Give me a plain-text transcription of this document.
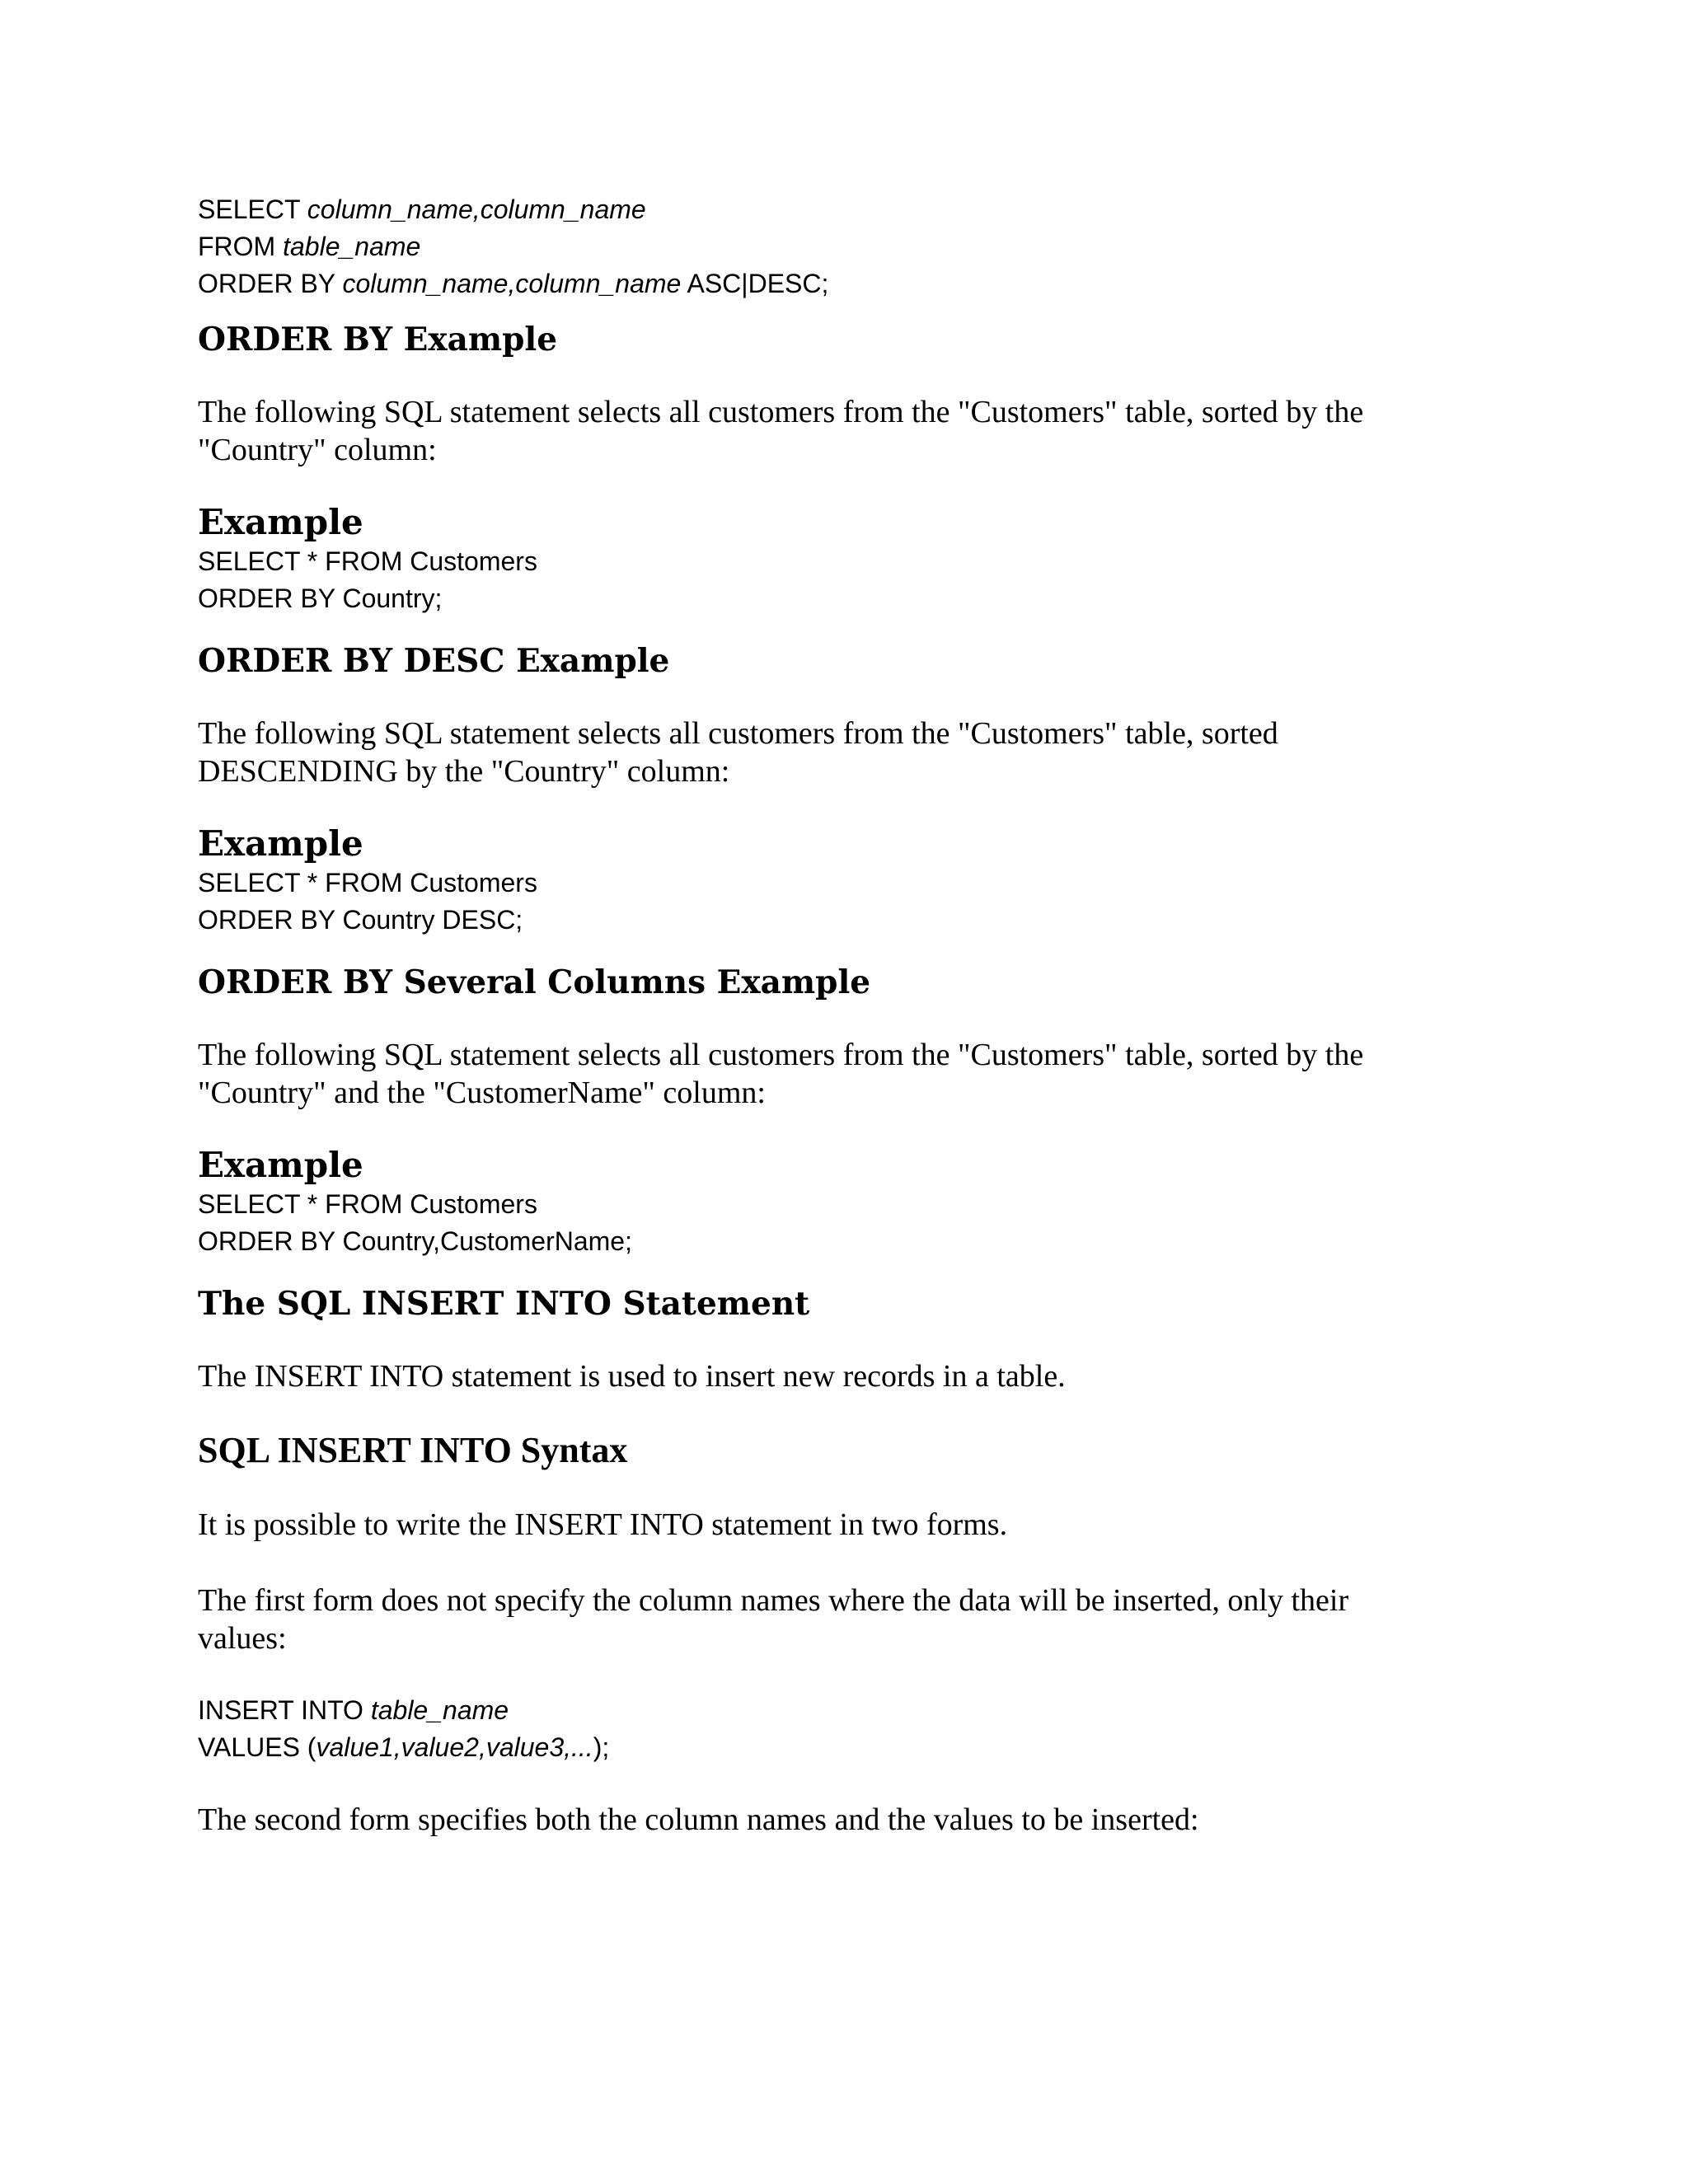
SELECT column_name,column_name

FROM table_name

ORDER BY column_name,column_name ASC|DESC;

ORDER BY Example

The following SQL statement selects all customers from the "Customers" table, sorted by the

"Country" column:

Example

SELECT * FROM Customers

ORDER BY Country;

ORDER BY DESC Example

The following SQL statement selects all customers from the "Customers" table, sorted

DESCENDING by the "Country" column:

Example

SELECT * FROM Customers

ORDER BY Country DESC;

ORDER BY Several Columns Example

The following SQL statement selects all customers from the "Customers" table, sorted by the

"Country" and the "CustomerName" column:

Example

SELECT * FROM Customers

ORDER BY Country,CustomerName;

The SQL INSERT INTO Statement

The INSERT INTO statement is used to insert new records in a table.

SQL INSERT INTO Syntax

It is possible to write the INSERT INTO statement in two forms.

The first form does not specify the column names where the data will be inserted, only their

values:

INSERT INTO table_name

VALUES (value1,value2,value3,...);

The second form specifies both the column names and the values to be inserted:
